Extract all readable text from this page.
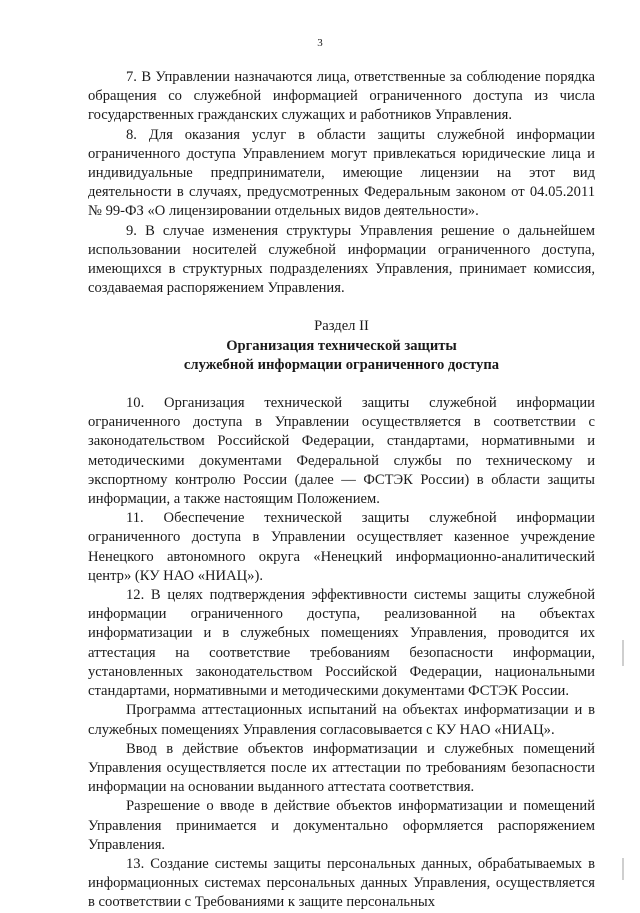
3

7. В Управлении назначаются лица, ответственные за соблюдение порядка обращения со служебной информацией ограниченного доступа из числа государственных гражданских служащих и работников Управления.

8. Для оказания услуг в области защиты служебной информации ограниченного доступа Управлением могут привлекаться юридические лица и индивидуальные предприниматели, имеющие лицензии на этот вид деятельности в случаях, предусмотренных Федеральным законом от 04.05.2011 № 99-ФЗ «О лицензировании отдельных видов деятельности».

9. В случае изменения структуры Управления решение о дальнейшем использовании носителей служебной информации ограниченного доступа, имеющихся в структурных подразделениях Управления, принимает комиссия, создаваемая распоряжением Управления.

Раздел II

Организация технической защиты

служебной информации ограниченного доступа

10. Организация технической защиты служебной информации ограниченного доступа в Управлении осуществляется в соответствии с законодательством Российской Федерации, стандартами, нормативными и методическими документами Федеральной службы по техническому и экспортному контролю России (далее — ФСТЭК России) в области защиты информации, а также настоящим Положением.

11. Обеспечение технической защиты служебной информации ограниченного доступа в Управлении осуществляет казенное учреждение Ненецкого автономного округа «Ненецкий информационно-аналитический центр» (КУ НАО «НИАЦ»).

12. В целях подтверждения эффективности системы защиты служебной информации ограниченного доступа, реализованной на объектах информатизации и в служебных помещениях Управления, проводится их аттестация на соответствие требованиям безопасности информации, установленных законодательством Российской Федерации, национальными стандартами, нормативными и методическими документами ФСТЭК России.

Программа аттестационных испытаний на объектах информатизации и в служебных помещениях Управления согласовывается с КУ НАО «НИАЦ».

Ввод в действие объектов информатизации и служебных помещений Управления осуществляется после их аттестации по требованиям безопасности информации на основании выданного аттестата соответствия.

Разрешение о вводе в действие объектов информатизации и помещений Управления принимается и документально оформляется распоряжением Управления.

13. Создание системы защиты персональных данных, обрабатываемых в информационных системах персональных данных Управления, осуществляется в соответствии с Требованиями к защите персональных
